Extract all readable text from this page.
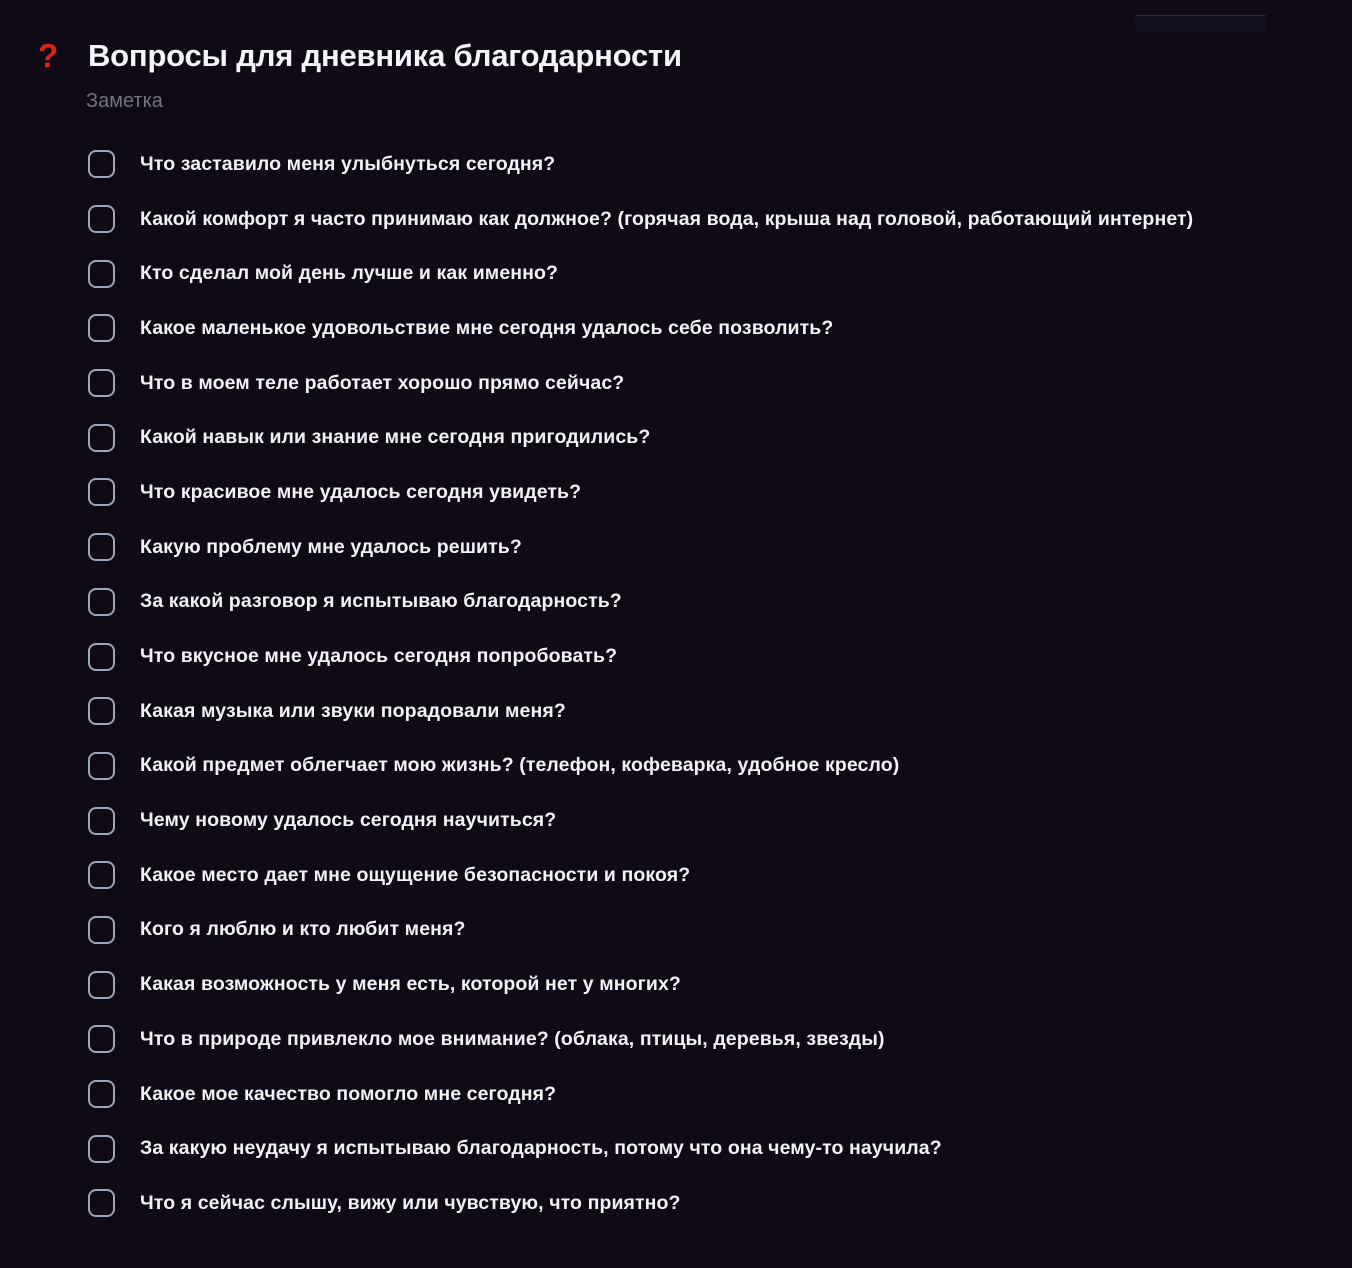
? Вопросы для дневника благодарности
Заметка
Что заставило меня улыбнуться сегодня?
Какой комфорт я часто принимаю как должное? (горячая вода, крыша над головой, работающий интернет)
Кто сделал мой день лучше и как именно?
Какое маленькое удовольствие мне сегодня удалось себе позволить?
Что в моем теле работает хорошо прямо сейчас?
Какой навык или знание мне сегодня пригодились?
Что красивое мне удалось сегодня увидеть?
Какую проблему мне удалось решить?
За какой разговор я испытываю благодарность?
Что вкусное мне удалось сегодня попробовать?
Какая музыка или звуки порадовали меня?
Какой предмет облегчает мою жизнь? (телефон, кофеварка, удобное кресло)
Чему новому удалось сегодня научиться?
Какое место дает мне ощущение безопасности и покоя?
Кого я люблю и кто любит меня?
Какая возможность у меня есть, которой нет у многих?
Что в природе привлекло мое внимание? (облака, птицы, деревья, звезды)
Какое мое качество помогло мне сегодня?
За какую неудачу я испытываю благодарность, потому что она чему-то научила?
Что я сейчас слышу, вижу или чувствую, что приятно?
